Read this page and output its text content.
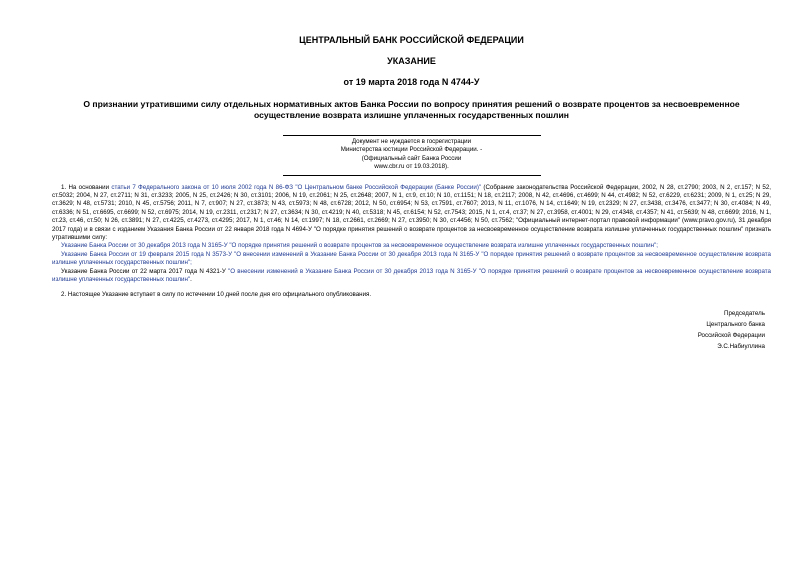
ЦЕНТРАЛЬНЫЙ БАНК РОССИЙСКОЙ ФЕДЕРАЦИИ
УКАЗАНИЕ
от 19 марта 2018 года N 4744-У
О признании утратившими силу отдельных нормативных актов Банка России по вопросу принятия решений о возврате процентов за несвоевременное осуществление возврата излишне уплаченных государственных пошлин
Документ не нуждается в госрегистрации
Министерства юстиции Российской Федерации. -
(Официальный сайт Банка России
www.cbr.ru от 19.03.2018).

1. На основании статьи 7 Федерального закона от 10 июля 2002 года N 86-ФЗ "О Центральном банке Российской Федерации (Банке России)" (Собрание законодательства Российской Федерации, 2002, N 28, ст.2790; 2003, N 2, ст.157; N 52, ст.5032; 2004, N 27, ст.2711; N 31, ст.3233; 2005, N 25, ст.2426; N 30, ст.3101; 2006, N 19, ст.2061; N 25, ст.2648; 2007, N 1, ст.9, ст.10; N 10, ст.1151; N 18, ст.2117; 2008, N 42, ст.4696, ст.4699; N 44, ст.4982; N 52, ст.6229, ст.6231; 2009, N 1, ст.25; N 29, ст.3629; N 48, ст.5731; 2010, N 45, ст.5756; 2011, N 7, ст.907; N 27, ст.3873; N 43, ст.5973; N 48, ст.6728; 2012, N 50, ст.6954; N 53, ст.7591, ст.7607; 2013, N 11, ст.1076, N 14, ст.1649; N 19, ст.2329; N 27, ст.3438, ст.3476, ст.3477; N 30, ст.4084; N 49, ст.6336; N 51, ст.6695, ст.6699; N 52, ст.6975; 2014, N 19, ст.2311, ст.2317; N 27, ст.3634; N 30, ст.4219; N 40, ст.5318; N 45, ст.6154; N 52, ст.7543; 2015, N 1, ст.4, ст.37; N 27, ст.3958, ст.4001; N 29, ст.4348, ст.4357; N 41, ст.5639; N 48, ст.6699; 2016, N 1, ст.23, ст.46, ст.50; N 26, ст.3891; N 27, ст.4225, ст.4273, ст.4295; 2017, N 1, ст.46; N 14, ст.1997; N 18, ст.2661, ст.2669; N 27, ст.3950; N 30, ст.4456; N 50, ст.7562; "Официальный интернет-портал правовой информации" (www.pravo.gov.ru), 31 декабря 2017 года) и в связи с изданием Указания Банка России от 22 января 2018 года N 4694-У "О порядке принятия решений о возврате процентов за несвоевременное осуществление возврата излишне уплаченных государственных пошлин" признать утратившими силу:

Указание Банка России от 30 декабря 2013 года N 3165-У "О порядке принятия решений о возврате процентов за несвоевременное осуществление возврата излишне уплаченных государственных пошлин";

Указание Банка России от 19 февраля 2015 года N 3573-У "О внесении изменений в Указание Банка России от 30 декабря 2013 года N 3165-У "О порядке принятия решений о возврате процентов за несвоевременное осуществление возврата излишне уплаченных государственных пошлин";

Указание Банка России от 22 марта 2017 года N 4321-У "О внесении изменений в Указание Банка России от 30 декабря 2013 года N 3165-У "О порядке принятия решений о возврате процентов за несвоевременное осуществление возврата излишне уплаченных государственных пошлин".

2. Настоящее Указание вступает в силу по истечении 10 дней после дня его официального опубликования.

Председатель
Центрального банка
Российской Федерации
Э.С.Набиуллина
